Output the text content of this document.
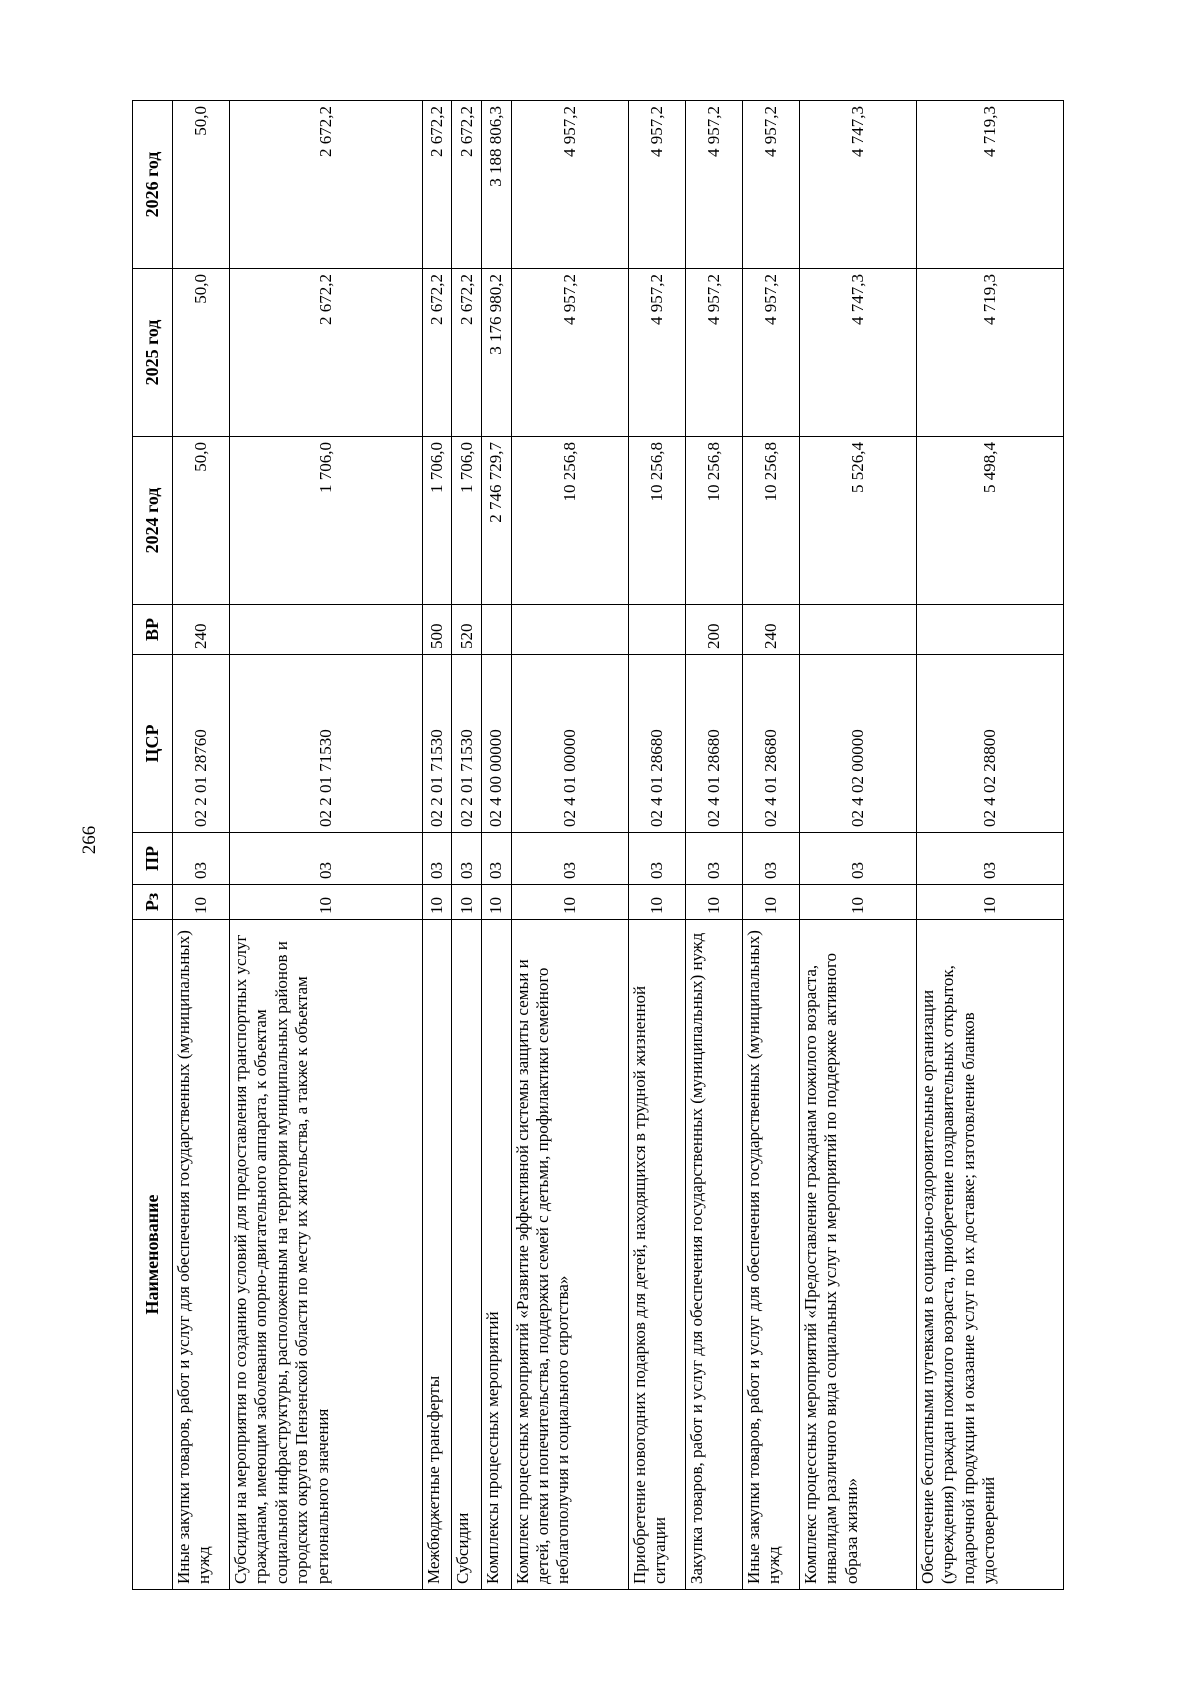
266
Наименование	Рз	ПР	ЦСР	ВР	2024 год	2025 год	2026 год
Иные закупки товаров, работ и услуг для обеспечения государственных (муниципальных) нужд	10	03	02 2 01 28760	240	50,0	50,0	50,0
Субсидии на мероприятия по созданию условий для предоставления транспортных услуг гражданам, имеющим заболевания опорно-двигательного аппарата, к объектам социальной инфраструктуры, расположенным на территории муниципальных районов и городских округов Пензенской области по месту их жительства, а также к объектам регионального значения	10	03	02 2 01 71530		1 706,0	2 672,2	2 672,2
Межбюджетные трансферты	10	03	02 2 01 71530	500	1 706,0	2 672,2	2 672,2
Субсидии	10	03	02 2 01 71530	520	1 706,0	2 672,2	2 672,2
Комплексы процессных мероприятий	10	03	02 4 00 00000		2 746 729,7	3 176 980,2	3 188 806,3
Комплекс процессных мероприятий «Развитие эффективной системы защиты семьи и детей, опеки и попечительства, поддержки семей с детьми, профилактики семейного неблагополучия и социального сиротства»	10	03	02 4 01 00000		10 256,8	4 957,2	4 957,2
Приобретение новогодних подарков для детей, находящихся в трудной жизненной ситуации	10	03	02 4 01 28680		10 256,8	4 957,2	4 957,2
Закупка товаров, работ и услуг для обеспечения государственных (муниципальных) нужд	10	03	02 4 01 28680	200	10 256,8	4 957,2	4 957,2
Иные закупки товаров, работ и услуг для обеспечения государственных (муниципальных) нужд	10	03	02 4 01 28680	240	10 256,8	4 957,2	4 957,2
Комплекс процессных мероприятий «Предоставление гражданам пожилого возраста, инвалидам различного вида социальных услуг и мероприятий по поддержке активного образа жизни»	10	03	02 4 02 00000		5 526,4	4 747,3	4 747,3
Обеспечение бесплатными путевками в социально-оздоровительные организации (учреждения) граждан пожилого возраста, приобретение поздравительных открыток, подарочной продукции и оказание услуг по их доставке; изготовление бланков удостоверений	10	03	02 4 02 28800		5 498,4	4 719,3	4 719,3
